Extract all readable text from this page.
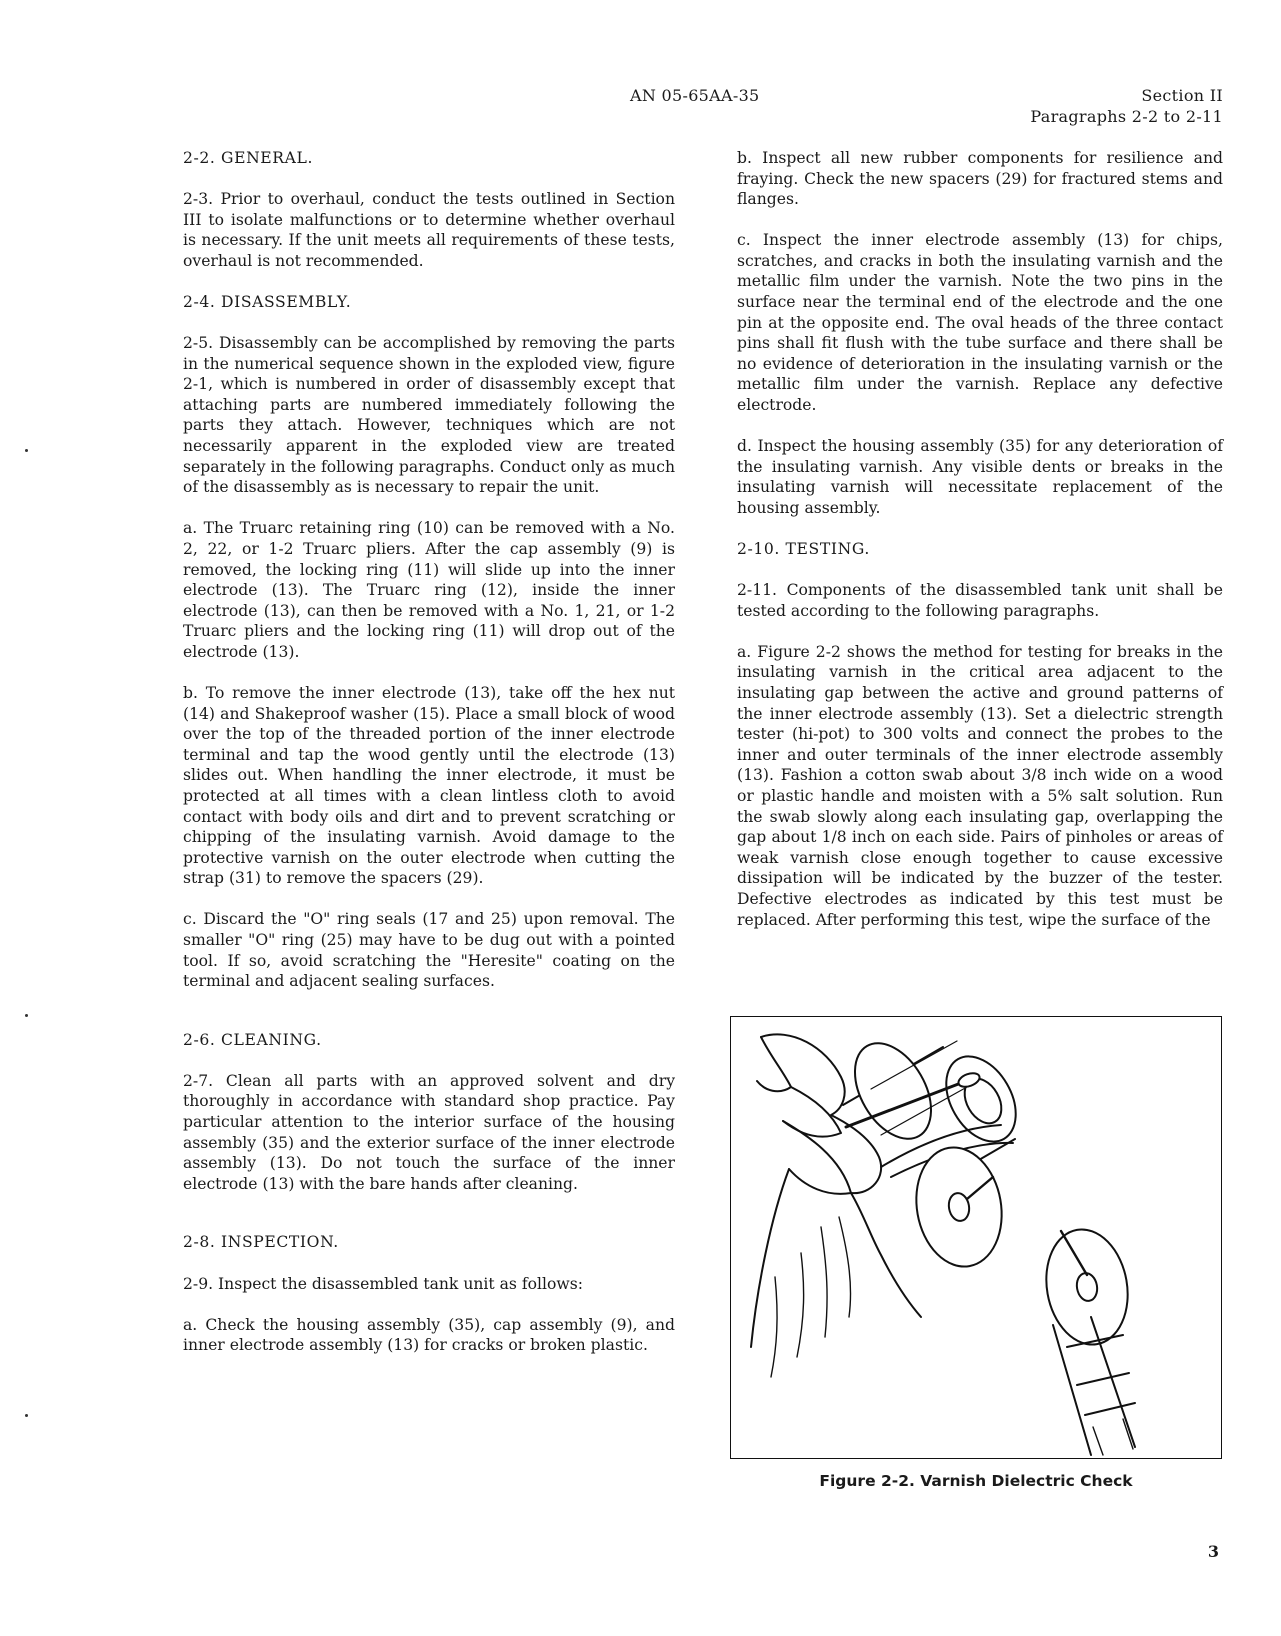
AN 05-65AA-35	Section II
Paragraphs 2-2 to 2-11

2-2. GENERAL.

2-3. Prior to overhaul, conduct the tests outlined in Section III to isolate malfunctions or to determine whether overhaul is necessary. If the unit meets all requirements of these tests, overhaul is not recommended.

2-4. DISASSEMBLY.

2-5. Disassembly can be accomplished by removing the parts in the numerical sequence shown in the exploded view, figure 2-1, which is numbered in order of disassembly except that attaching parts are numbered immediately following the parts they attach. However, techniques which are not necessarily apparent in the exploded view are treated separately in the following paragraphs. Conduct only as much of the disassembly as is necessary to repair the unit.

a. The Truarc retaining ring (10) can be removed with a No. 2, 22, or 1-2 Truarc pliers. After the cap assembly (9) is removed, the locking ring (11) will slide up into the inner electrode (13). The Truarc ring (12), inside the inner electrode (13), can then be removed with a No. 1, 21, or 1-2 Truarc pliers and the locking ring (11) will drop out of the electrode (13).

b. To remove the inner electrode (13), take off the hex nut (14) and Shakeproof washer (15). Place a small block of wood over the top of the threaded portion of the inner electrode terminal and tap the wood gently until the electrode (13) slides out. When handling the inner electrode, it must be protected at all times with a clean lintless cloth to avoid contact with body oils and dirt and to prevent scratching or chipping of the insulating varnish. Avoid damage to the protective varnish on the outer electrode when cutting the strap (31) to remove the spacers (29).

c. Discard the "O" ring seals (17 and 25) upon removal. The smaller "O" ring (25) may have to be dug out with a pointed tool. If so, avoid scratching the "Heresite" coating on the terminal and adjacent sealing surfaces.

2-6. CLEANING.

2-7. Clean all parts with an approved solvent and dry thoroughly in accordance with standard shop practice. Pay particular attention to the interior surface of the housing assembly (35) and the exterior surface of the inner electrode assembly (13). Do not touch the surface of the inner electrode (13) with the bare hands after cleaning.

2-8. INSPECTION.

2-9. Inspect the disassembled tank unit as follows:

a. Check the housing assembly (35), cap assembly (9), and inner electrode assembly (13) for cracks or broken plastic.

b. Inspect all new rubber components for resilience and fraying. Check the new spacers (29) for fractured stems and flanges.

c. Inspect the inner electrode assembly (13) for chips, scratches, and cracks in both the insulating varnish and the metallic film under the varnish. Note the two pins in the surface near the terminal end of the electrode and the one pin at the opposite end. The oval heads of the three contact pins shall fit flush with the tube surface and there shall be no evidence of deterioration in the insulating varnish or the metallic film under the varnish. Replace any defective electrode.

d. Inspect the housing assembly (35) for any deterioration of the insulating varnish. Any visible dents or breaks in the insulating varnish will necessitate replacement of the housing assembly.

2-10. TESTING.

2-11. Components of the disassembled tank unit shall be tested according to the following paragraphs.

a. Figure 2-2 shows the method for testing for breaks in the insulating varnish in the critical area adjacent to the insulating gap between the active and ground patterns of the inner electrode assembly (13). Set a dielectric strength tester (hi-pot) to 300 volts and connect the probes to the inner and outer terminals of the inner electrode assembly (13). Fashion a cotton swab about 3/8 inch wide on a wood or plastic handle and moisten with a 5% salt solution. Run the swab slowly along each insulating gap, overlapping the gap about 1/8 inch on each side. Pairs of pinholes or areas of weak varnish close enough together to cause excessive dissipation will be indicated by the buzzer of the tester. Defective electrodes as indicated by this test must be replaced. After performing this test, wipe the surface of the

Figure 2-2. Varnish Dielectric Check
3
